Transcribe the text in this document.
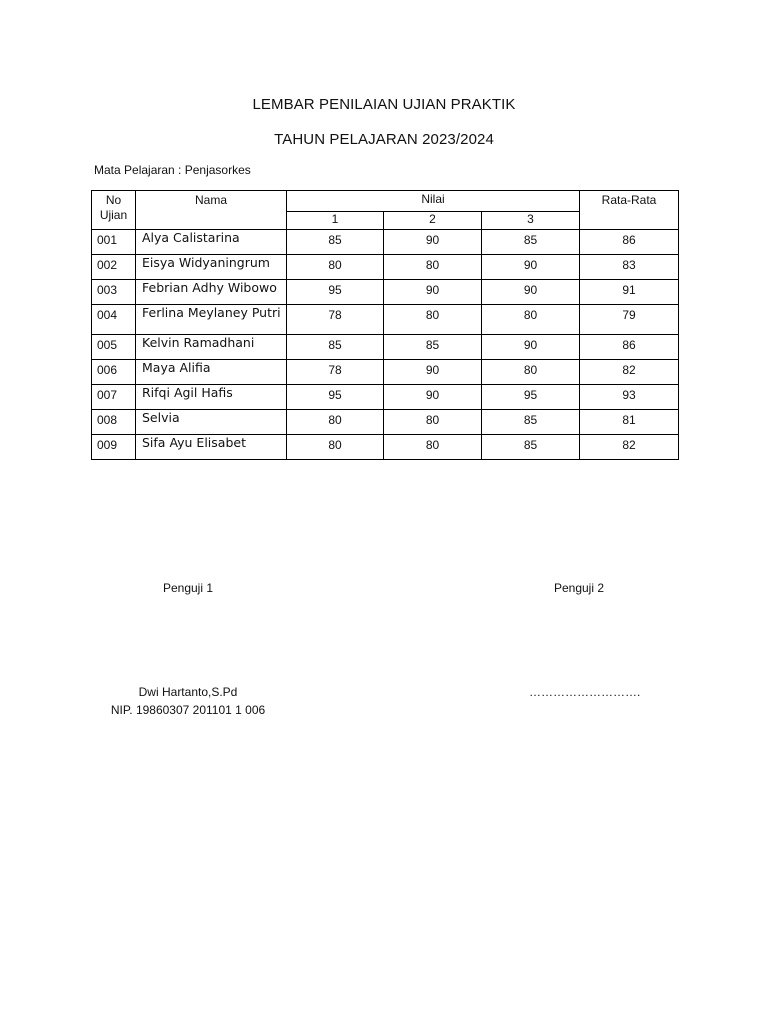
LEMBAR PENILAIAN UJIAN PRAKTIK
TAHUN PELAJARAN 2023/2024
Mata Pelajaran : Penjasorkes
No
Ujian	Nama	Nilai			Rata-Rata
		1	2	3	
001	Alya Calistarina	85	90	85	86
002	Eisya Widyaningrum	80	80	90	83
003	Febrian Adhy Wibowo	95	90	90	91
004	Ferlina Meylaney Putri	78	80	80	79
005	Kelvin Ramadhani	85	85	90	86
006	Maya Alifia	78	90	80	82
007	Rifqi Agil Hafis	95	90	95	93
008	Selvia	80	80	85	81
009	Sifa Ayu Elisabet	80	80	85	82
Penguji 1	Penguji 2
Dwi Hartanto,S.Pd
NIP. 19860307 201101 1 006
……………………….
